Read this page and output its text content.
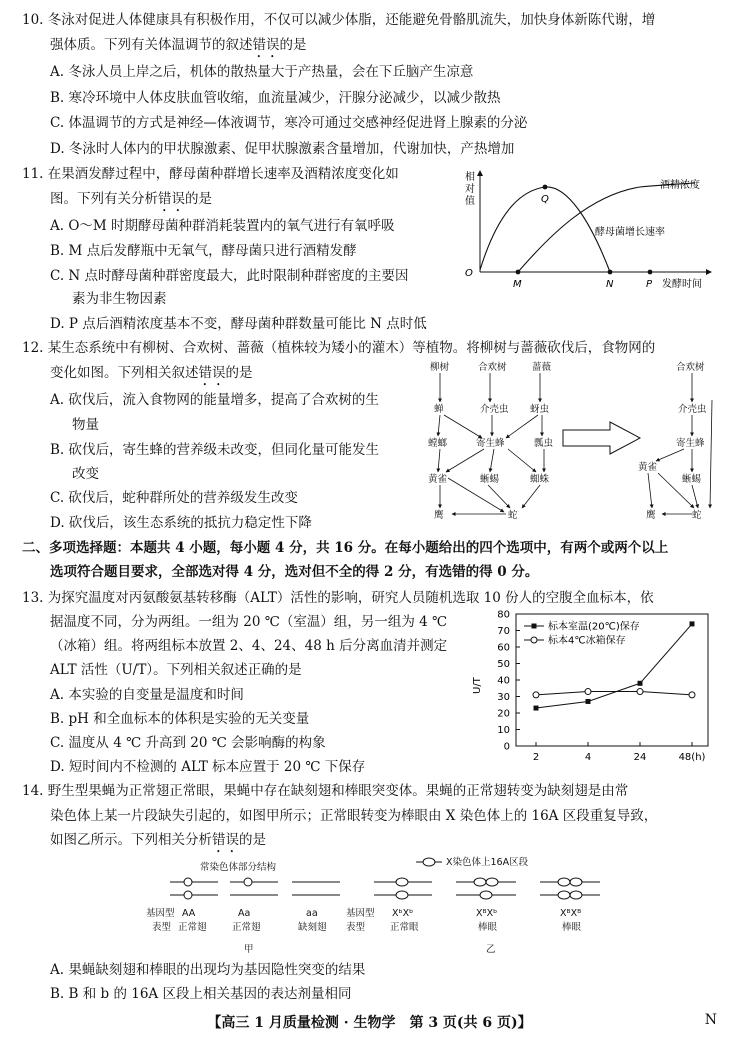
10. 冬泳对促进人体健康具有积极作用，不仅可以减少体脂，还能避免骨骼肌流失，加快身体新陈代谢，增
强体质。下列有关体温调节的叙述错误的是
A. 冬泳人员上岸之后，机体的散热量大于产热量，会在下丘脑产生凉意
B. 寒冷环境中人体皮肤血管收缩，血流量减少，汗腺分泌减少，以减少散热
C. 体温调节的方式是神经—体液调节，寒冷可通过交感神经促进肾上腺素的分泌
D. 冬泳时人体内的甲状腺激素、促甲状腺激素含量增加，代谢加快，产热增加
11. 在果酒发酵过程中，酵母菌种群增长速率及酒精浓度变化如
图。下列有关分析错误的是
A. O～M 时期酵母菌种群消耗装置内的氧气进行有氧呼吸
B. M 点后发酵瓶中无氧气，酵母菌只进行酒精发酵
C. N 点时酵母菌种群密度最大，此时限制种群密度的主要因
素为非生物因素
D. P 点后酒精浓度基本不变，酵母菌种群数量可能比 N 点时低
相
对
值
O
Q
M	N	P 发酵时间
酒精浓度
酵母菌增长速率
12. 某生态系统中有柳树、合欢树、蔷薇（植株较为矮小的灌木）等植物。将柳树与蔷薇砍伐后，食物网的
变化如图。下列相关叙述错误的是
A. 砍伐后，流入食物网的能量增多，提高了合欢树的生
物量
B. 砍伐后，寄生蜂的营养级未改变，但同化量可能发生
改变
C. 砍伐后，蛇种群所处的营养级发生改变
D. 砍伐后，该生态系统的抵抗力稳定性下降
柳树	合欢树	蔷薇
蝉	介壳虫 蚜虫
螳螂	寄生蜂	瓢虫
黄雀	蜥蜴	蜘蛛
鹰	蛇
合欢树
介壳虫
寄生蜂
黄雀
蜥蜴
鹰	蛇
二、多项选择题：本题共 4 小题，每小题 4 分，共 16 分。在每小题给出的四个选项中，有两个或两个以上
选项符合题目要求，全部选对得 4 分，选对但不全的得 2 分，有选错的得 0 分。
13. 为探究温度对丙氨酸氨基转移酶（ALT）活性的影响，研究人员随机选取 10 份人的空腹全血标本，依
据温度不同，分为两组。一组为 20 ℃（室温）组，另一组为 4 ℃
（冰箱）组。将两组标本放置 2、4、24、48 h 后分离血清并测定
ALT 活性（U/T）。下列相关叙述正确的是
A. 本实验的自变量是温度和时间
B. pH 和全血标本的体积是实验的无关变量
C. 温度从 4 ℃ 升高到 20 ℃ 会影响酶的构象
D. 短时间内不检测的 ALT 标本应置于 20 ℃ 下保存
U/T
0
10
20
30
40
50
60
70
80
2	4	24	48(h)
标本室温(20℃)保存
标本4℃冰箱保存
14. 野生型果蝇为正常翅正常眼，果蝇中存在缺刻翅和棒眼突变体。果蝇的正常翅转变为缺刻翅是由常
染色体上某一片段缺失引起的，如图甲所示；正常眼转变为棒眼由 X 染色体上的 16A 区段重复导致，
如图乙所示。下列相关分析错误的是
常染色体部分结构	X染色体上16A区段
基因型
表型
基因型
表型
AA	Aa	aa
正常翅	正常翅	缺刻翅
XᵇXᵇ	XᴮXᵇ	XᴮXᴮ
正常眼	棒眼	棒眼
甲	乙
A. 果蝇缺刻翅和棒眼的出现均为基因隐性突变的结果
B. B 和 b 的 16A 区段上相关基因的表达剂量相同
【高三 1 月质量检测 · 生物学　第 3 页(共 6 页)】	N
